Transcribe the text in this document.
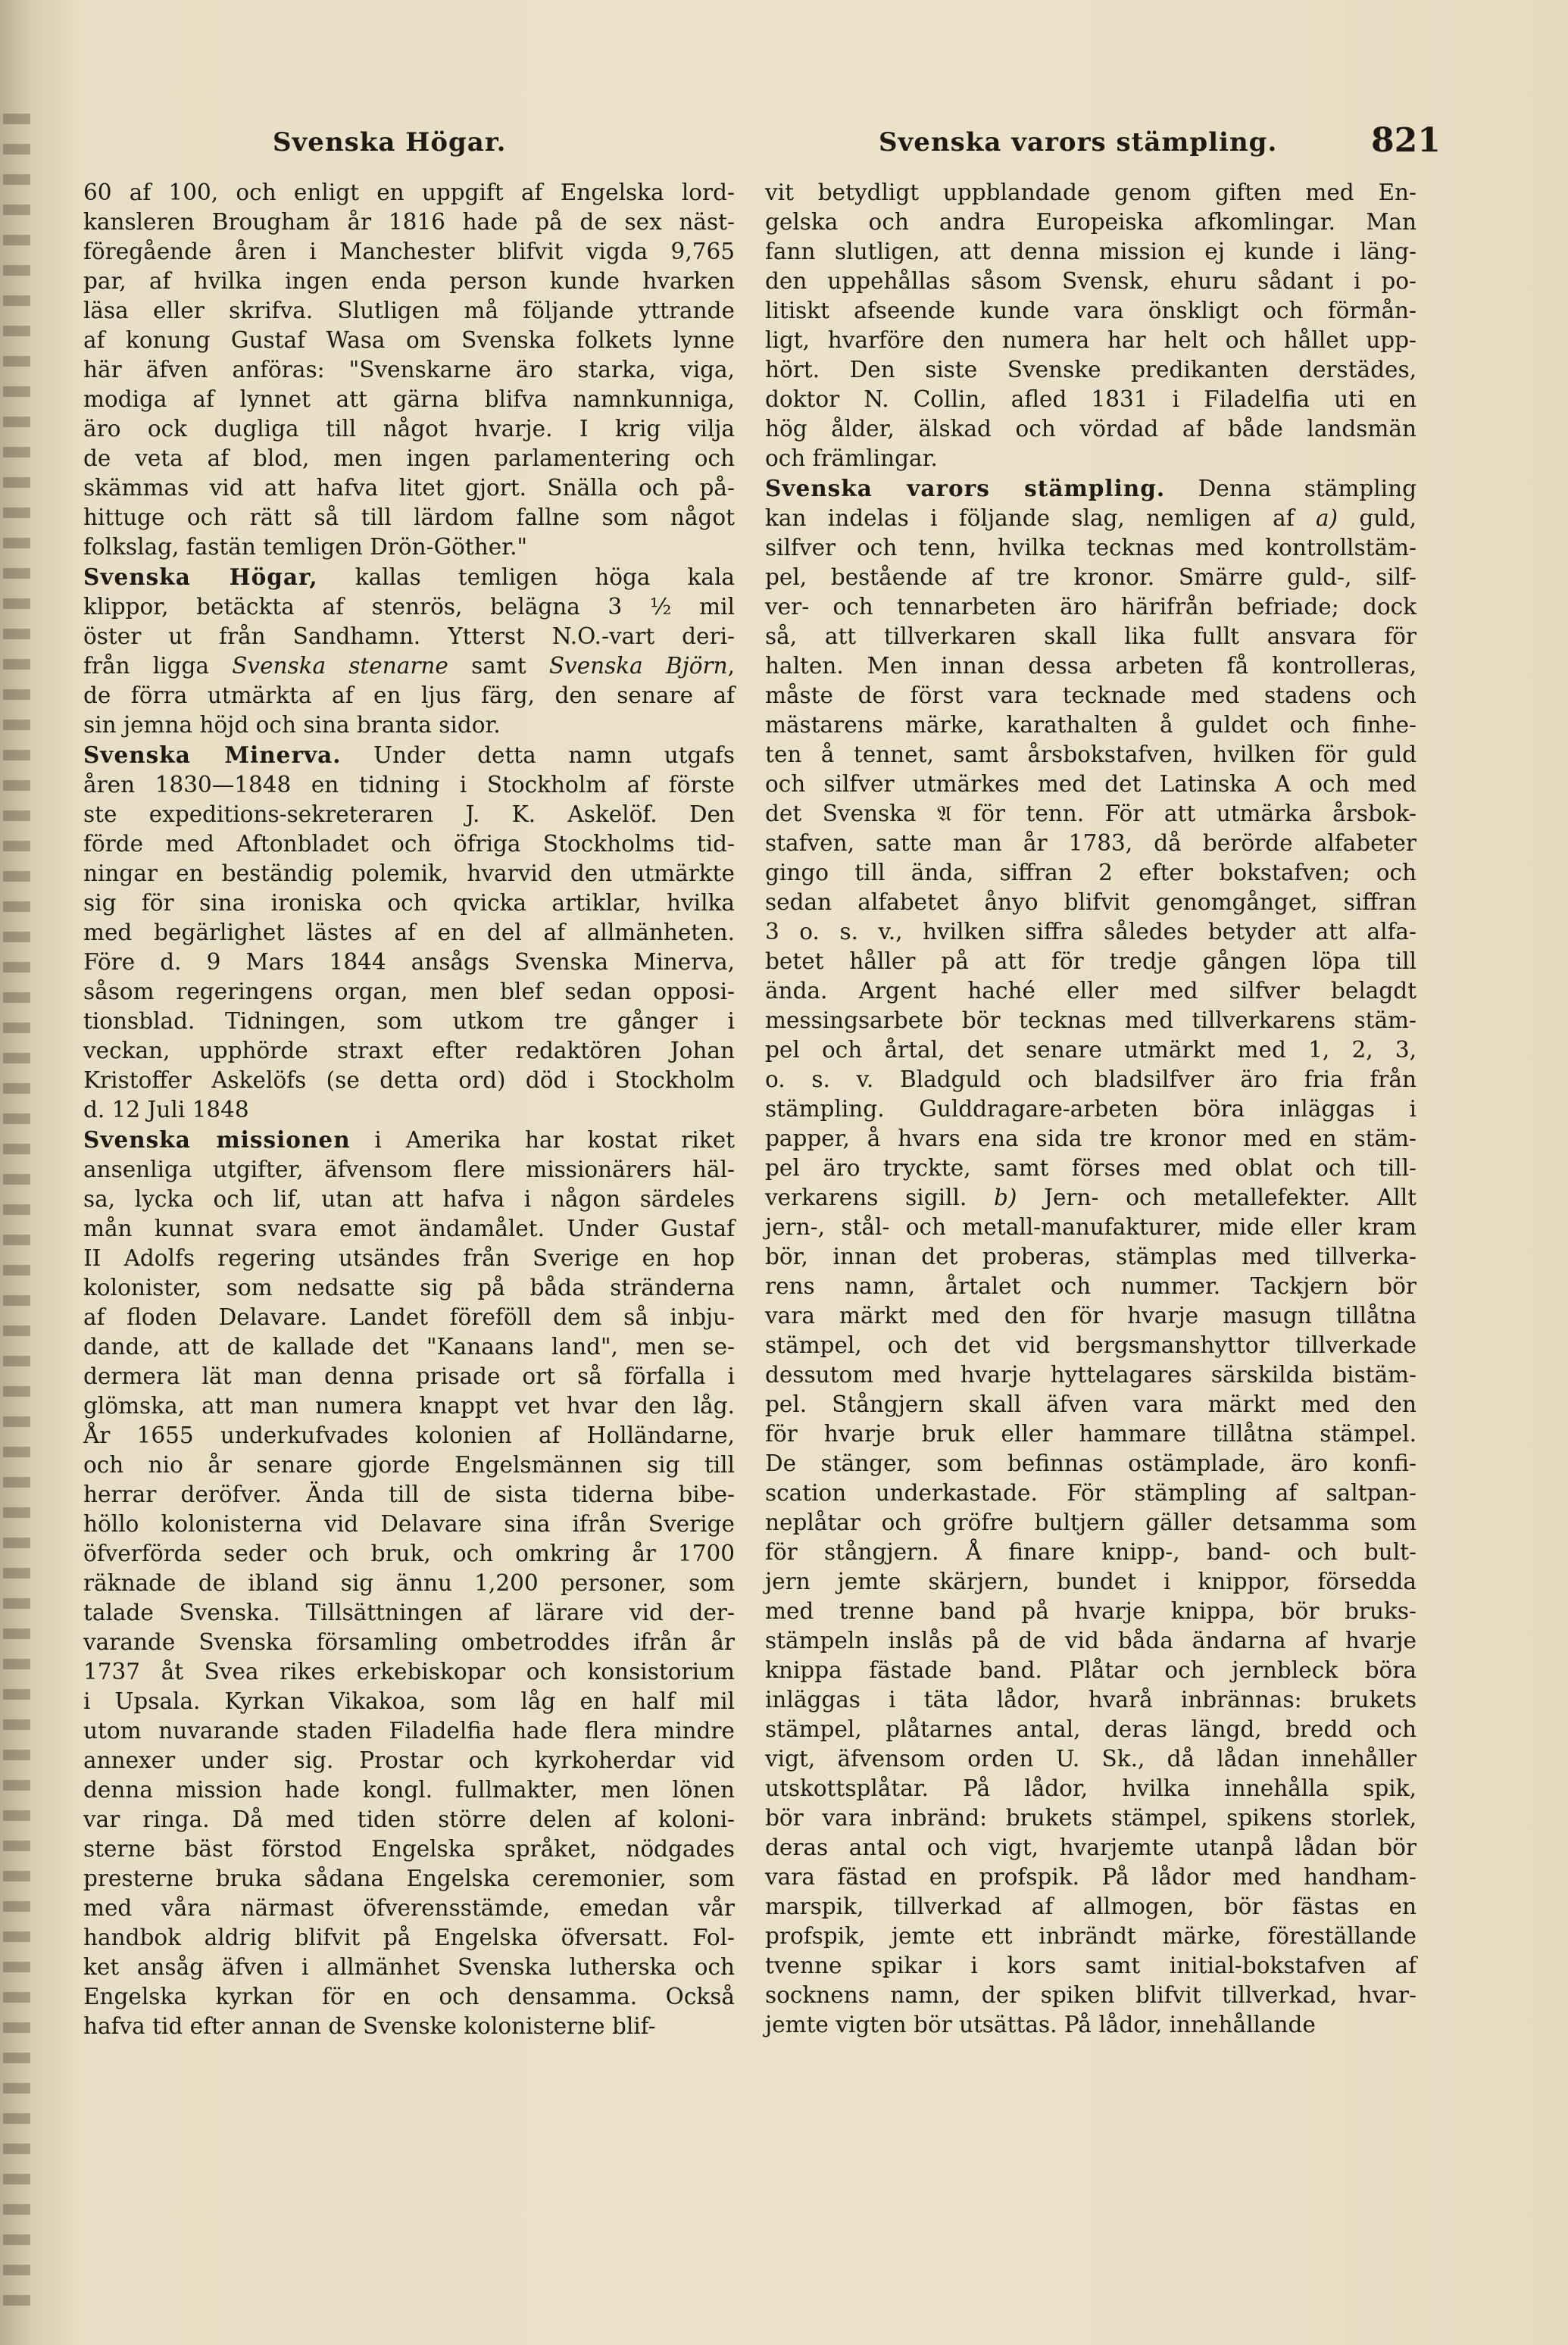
Svenska Högar.	Svenska varors stämpling.	821
60 af 100, och enligt en uppgift af Engelska lord-
kansleren Brougham år 1816 hade på de sex näst-
föregående åren i Manchester blifvit vigda 9,765
par, af hvilka ingen enda person kunde hvarken
läsa eller skrifva. Slutligen må följande yttrande
af konung Gustaf Wasa om Svenska folkets lynne
här äfven anföras: "Svenskarne äro starka, viga,
modiga af lynnet att gärna blifva namnkunniga,
äro ock dugliga till något hvarje. I krig vilja
de veta af blod, men ingen parlamentering och
skämmas vid att hafva litet gjort. Snälla och på-
hittuge och rätt så till lärdom fallne som något
folkslag, fastän temligen Drön-Göther."
Svenska Högar, kallas temligen höga kala
klippor, betäckta af stenrös, belägna 3 ½ mil
öster ut från Sandhamn. Ytterst N.O.-vart deri-
från ligga Svenska stenarne samt Svenska Björn,
de förra utmärkta af en ljus färg, den senare af
sin jemna höjd och sina branta sidor.
Svenska Minerva. Under detta namn utgafs
åren 1830—1848 en tidning i Stockholm af förste
ste expeditions-sekreteraren J. K. Askelöf. Den
förde med Aftonbladet och öfriga Stockholms tid-
ningar en beständig polemik, hvarvid den utmärkte
sig för sina ironiska och qvicka artiklar, hvilka
med begärlighet lästes af en del af allmänheten.
Före d. 9 Mars 1844 ansågs Svenska Minerva,
såsom regeringens organ, men blef sedan opposi-
tionsblad. Tidningen, som utkom tre gånger i
veckan, upphörde straxt efter redaktören Johan
Kristoffer Askelöfs (se detta ord) död i Stockholm
d. 12 Juli 1848
Svenska missionen i Amerika har kostat riket
ansenliga utgifter, äfvensom flere missionärers häl-
sa, lycka och lif, utan att hafva i någon särdeles
mån kunnat svara emot ändamålet. Under Gustaf
II Adolfs regering utsändes från Sverige en hop
kolonister, som nedsatte sig på båda stränderna
af floden Delavare. Landet föreföll dem så inbju-
dande, att de kallade det "Kanaans land", men se-
dermera lät man denna prisade ort så förfalla i
glömska, att man numera knappt vet hvar den låg.
År 1655 underkufvades kolonien af Holländarne,
och nio år senare gjorde Engelsmännen sig till
herrar deröfver. Ända till de sista tiderna bibe-
höllo kolonisterna vid Delavare sina ifrån Sverige
öfverförda seder och bruk, och omkring år 1700
räknade de ibland sig ännu 1,200 personer, som
talade Svenska. Tillsättningen af lärare vid der-
varande Svenska församling ombetroddes ifrån år
1737 åt Svea rikes erkebiskopar och konsistorium
i Upsala. Kyrkan Vikakoa, som låg en half mil
utom nuvarande staden Filadelfia hade flera mindre
annexer under sig. Prostar och kyrkoherdar vid
denna mission hade kongl. fullmakter, men lönen
var ringa. Då med tiden större delen af koloni-
sterne bäst förstod Engelska språket, nödgades
presterne bruka sådana Engelska ceremonier, som
med våra närmast öfverensstämde, emedan vår
handbok aldrig blifvit på Engelska öfversatt. Fol-
ket ansåg äfven i allmänhet Svenska lutherska och
Engelska kyrkan för en och densamma. Också
hafva tid efter annan de Svenske kolonisterne blif-
vit betydligt uppblandade genom giften med En-
gelska och andra Europeiska afkomlingar. Man
fann slutligen, att denna mission ej kunde i läng-
den uppehållas såsom Svensk, ehuru sådant i po-
litiskt afseende kunde vara önskligt och förmån-
ligt, hvarföre den numera har helt och hållet upp-
hört. Den siste Svenske predikanten derstädes,
doktor N. Collin, afled 1831 i Filadelfia uti en
hög ålder, älskad och vördad af både landsmän
och främlingar.
Svenska varors stämpling. Denna stämpling
kan indelas i följande slag, nemligen af a) guld,
silfver och tenn, hvilka tecknas med kontrollstäm-
pel, bestående af tre kronor. Smärre guld-, silf-
ver- och tennarbeten äro härifrån befriade; dock
så, att tillverkaren skall lika fullt ansvara för
halten. Men innan dessa arbeten få kontrolleras,
måste de först vara tecknade med stadens och
mästarens märke, karathalten å guldet och finhe-
ten å tennet, samt årsbokstafven, hvilken för guld
och silfver utmärkes med det Latinska A och med
det Svenska 𝔄 för tenn. För att utmärka årsbok-
stafven, satte man år 1783, då berörde alfabeter
gingo till ända, siffran 2 efter bokstafven; och
sedan alfabetet ånyo blifvit genomgånget, siffran
3 o. s. v., hvilken siffra således betyder att alfa-
betet håller på att för tredje gången löpa till
ända. Argent haché eller med silfver belagdt
messingsarbete bör tecknas med tillverkarens stäm-
pel och årtal, det senare utmärkt med 1, 2, 3,
o. s. v. Bladguld och bladsilfver äro fria från
stämpling. Gulddragare-arbeten böra inläggas i
papper, å hvars ena sida tre kronor med en stäm-
pel äro tryckte, samt förses med oblat och till-
verkarens sigill. b) Jern- och metallefekter. Allt
jern-, stål- och metall-manufakturer, mide eller kram
bör, innan det proberas, stämplas med tillverka-
rens namn, årtalet och nummer. Tackjern bör
vara märkt med den för hvarje masugn tillåtna
stämpel, och det vid bergsmanshyttor tillverkade
dessutom med hvarje hyttelagares särskilda bistäm-
pel. Stångjern skall äfven vara märkt med den
för hvarje bruk eller hammare tillåtna stämpel.
De stänger, som befinnas ostämplade, äro konfi-
scation underkastade. För stämpling af saltpan-
neplåtar och gröfre bultjern gäller detsamma som
för stångjern. Å finare knipp-, band- och bult-
jern jemte skärjern, bundet i knippor, försedda
med trenne band på hvarje knippa, bör bruks-
stämpeln inslås på de vid båda ändarna af hvarje
knippa fästade band. Plåtar och jernbleck böra
inläggas i täta lådor, hvarå inbrännas: brukets
stämpel, plåtarnes antal, deras längd, bredd och
vigt, äfvensom orden U. Sk., då lådan innehåller
utskottsplåtar. På lådor, hvilka innehålla spik,
bör vara inbränd: brukets stämpel, spikens storlek,
deras antal och vigt, hvarjemte utanpå lådan bör
vara fästad en profspik. På lådor med handham-
marspik, tillverkad af allmogen, bör fästas en
profspik, jemte ett inbrändt märke, föreställande
tvenne spikar i kors samt initial-bokstafven af
socknens namn, der spiken blifvit tillverkad, hvar-
jemte vigten bör utsättas. På lådor, innehållande
